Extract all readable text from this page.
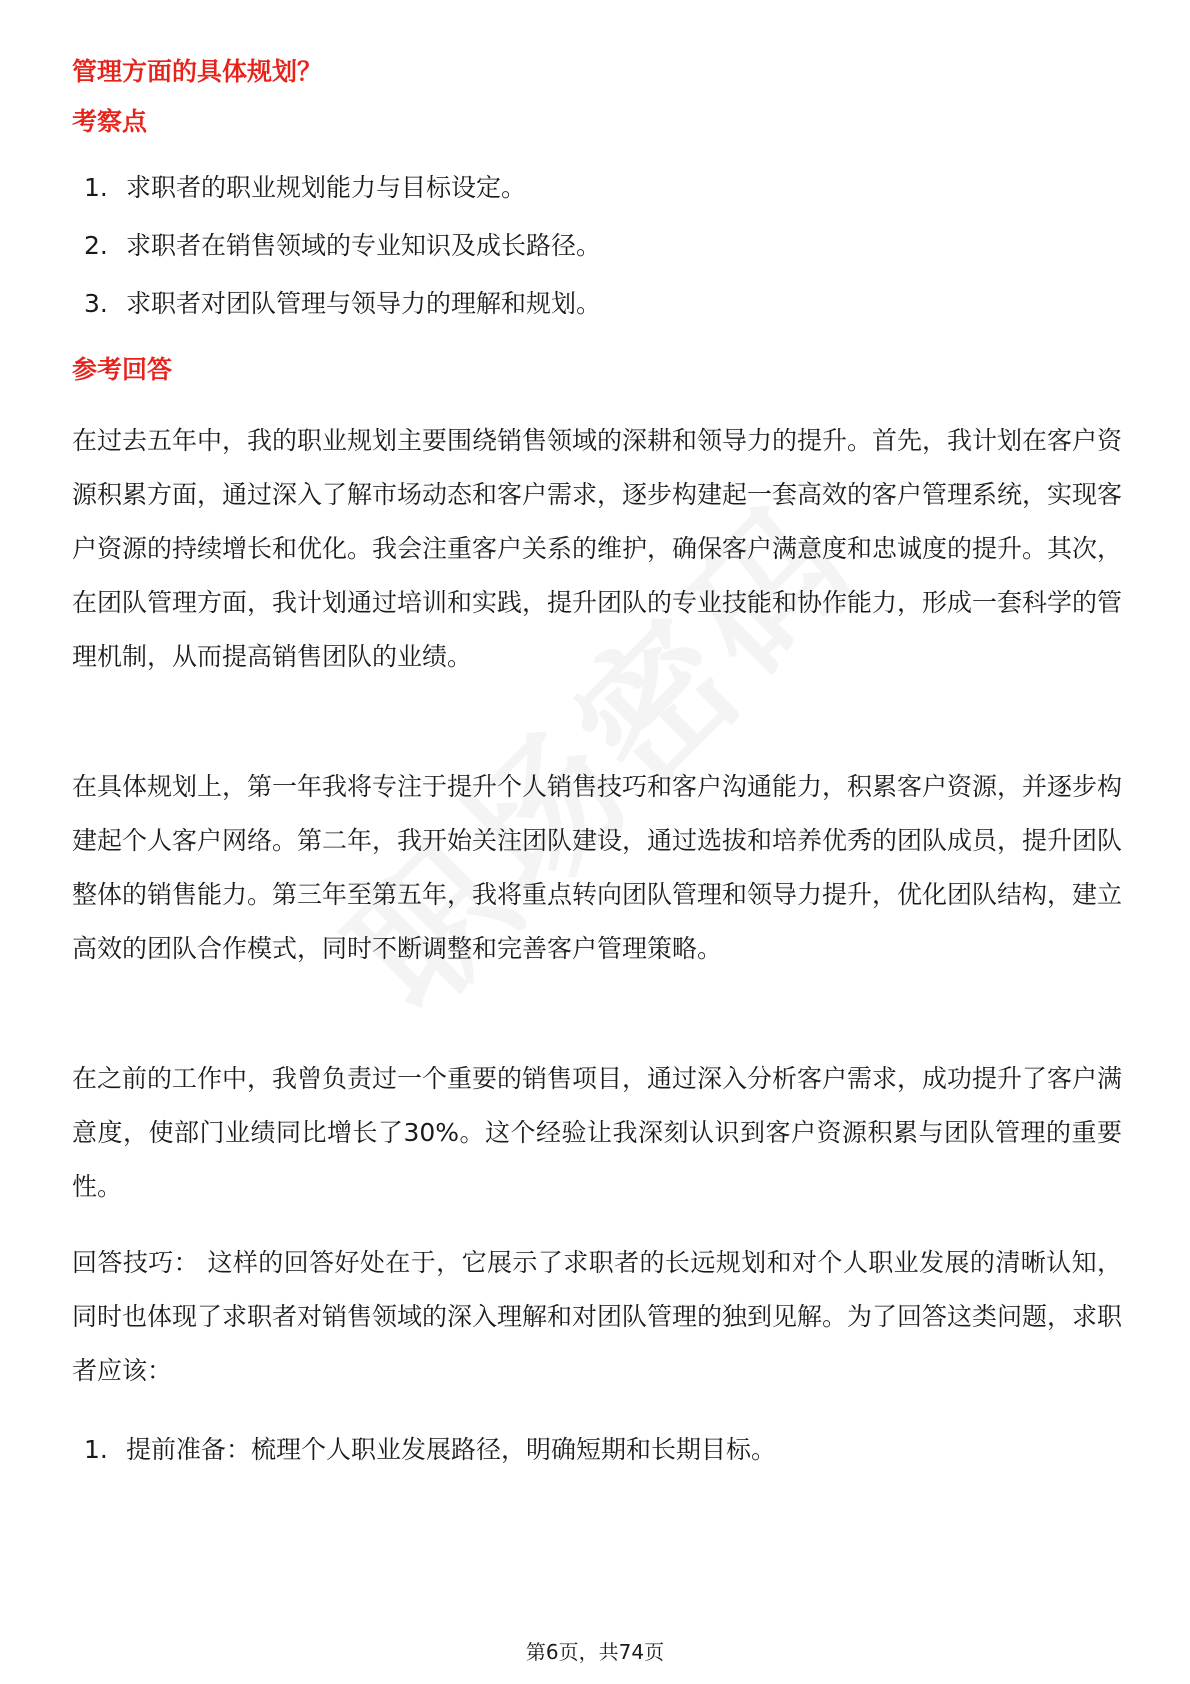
管理方面的具体规划？
考察点
1. 求职者的职业规划能力与目标设定。
2. 求职者在销售领域的专业知识及成长路径。
3. 求职者对团队管理与领导力的理解和规划。
参考回答

在过去五年中，我的职业规划主要围绕销售领域的深耕和领导力的提升。首先，我计划在客户资源积累方面，通过深入了解市场动态和客户需求，逐步构建起一套高效的客户管理系统，实现客户资源的持续增长和优化。我会注重客户关系的维护，确保客户满意度和忠诚度的提升。其次，在团队管理方面，我计划通过培训和实践，提升团队的专业技能和协作能力，形成一套科学的管理机制，从而提高销售团队的业绩。

在具体规划上，第一年我将专注于提升个人销售技巧和客户沟通能力，积累客户资源，并逐步构建起个人客户网络。第二年，我开始关注团队建设，通过选拔和培养优秀的团队成员，提升团队整体的销售能力。第三年至第五年，我将重点转向团队管理和领导力提升，优化团队结构，建立高效的团队合作模式，同时不断调整和完善客户管理策略。

在之前的工作中，我曾负责过一个重要的销售项目，通过深入分析客户需求，成功提升了客户满意度，使部门业绩同比增长了30%。这个经验让我深刻认识到客户资源积累与团队管理的重要性。

回答技巧： 这样的回答好处在于，它展示了求职者的长远规划和对个人职业发展的清晰认知，同时也体现了求职者对销售领域的深入理解和对团队管理的独到见解。为了回答这类问题，求职者应该：

1. 提前准备：梳理个人职业发展路径，明确短期和长期目标。
第6页，共74页
